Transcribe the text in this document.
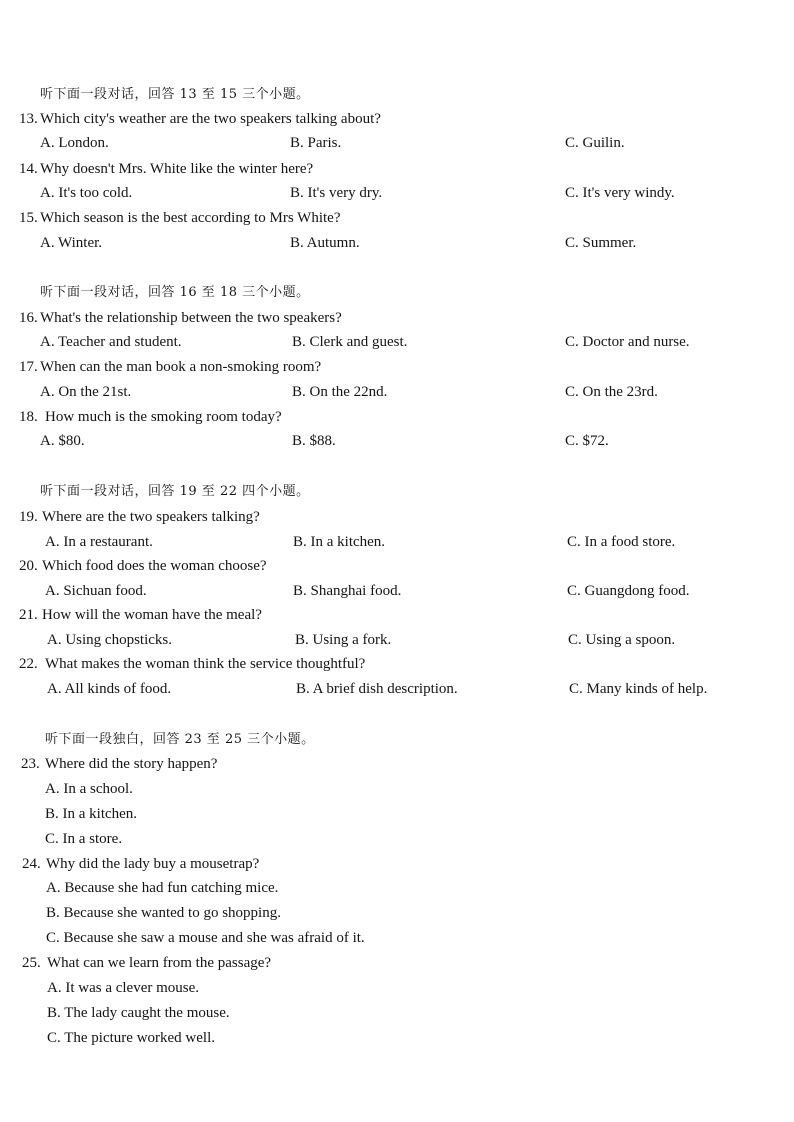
听下面一段对话，回答 13 至 15 三个小题。
13. Which city's weather are the two speakers talking about?
A. London.	B. Paris.	C. Guilin.
14. Why doesn't Mrs. White like the winter here?
A. It's too cold.	B. It's very dry.	C. It's very windy.
15. Which season is the best according to Mrs White?
A. Winter.	B. Autumn.	C. Summer.
听下面一段对话，回答 16 至 18 三个小题。
16. What's the relationship between the two speakers?
A. Teacher and student.	B. Clerk and guest.	C. Doctor and nurse.
17. When can the man book a non-smoking room?
A. On the 21st.	B. On the 22nd.	C. On the 23rd.
18. How much is the smoking room today?
A. $80.	B. $88.	C. $72.
听下面一段对话，回答 19 至 22 四个小题。
19. Where are the two speakers talking?
A. In a restaurant.	B. In a kitchen.	C. In a food store.
20. Which food does the woman choose?
A. Sichuan food.	B. Shanghai food.	C. Guangdong food.
21. How will the woman have the meal?
A. Using chopsticks.	B. Using a fork.	C. Using a spoon.
22. What makes the woman think the service thoughtful?
A. All kinds of food.	B. A brief dish description.	C. Many kinds of help.
听下面一段独白，回答 23 至 25 三个小题。
23. Where did the story happen?
A. In a school.
B. In a kitchen.
C. In a store.
24. Why did the lady buy a mousetrap?
A. Because she had fun catching mice.
B. Because she wanted to go shopping.
C. Because she saw a mouse and she was afraid of it.
25. What can we learn from the passage?
A. It was a clever mouse.
B. The lady caught the mouse.
C. The picture worked well.
